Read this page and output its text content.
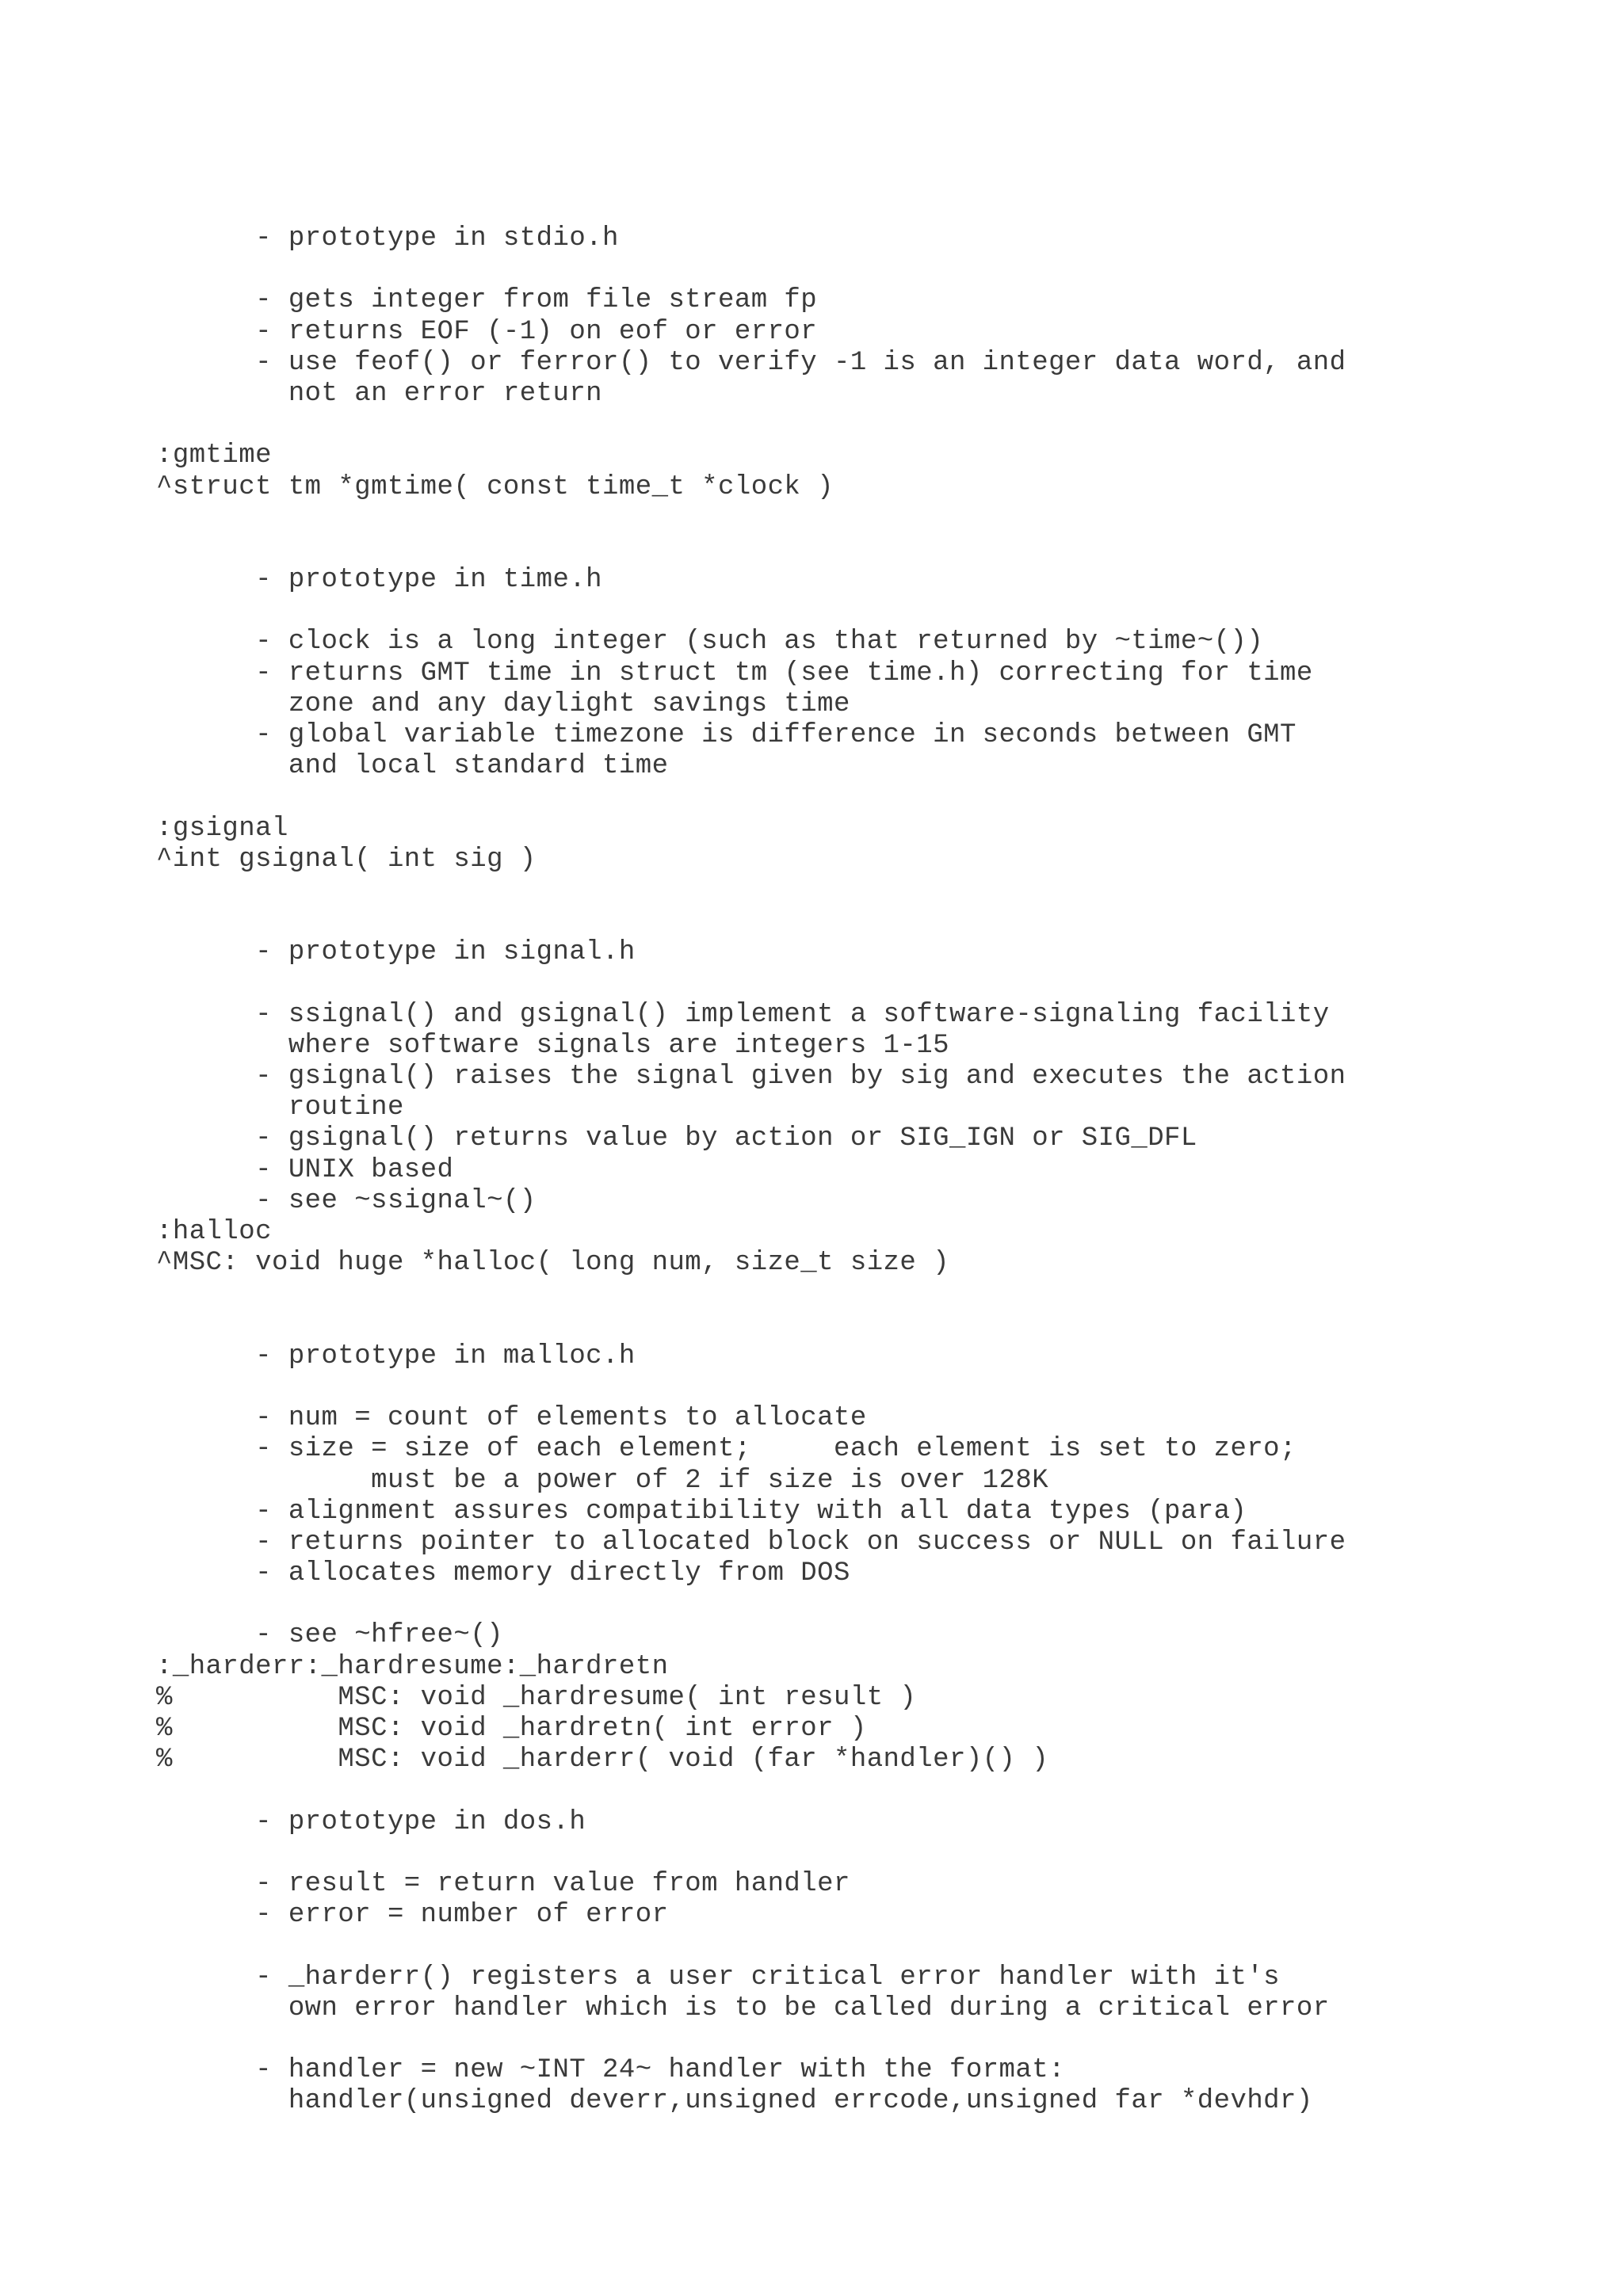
- prototype in stdio.h
- gets integer from file stream fp
- returns EOF (-1) on eof or error
- use feof() or ferror() to verify -1 is an integer data word, and
not an error return
:gmtime
^struct tm *gmtime( const time_t *clock )
- prototype in time.h
- clock is a long integer (such as that returned by ~time~())
- returns GMT time in struct tm (see time.h) correcting for time
zone and any daylight savings time
- global variable timezone is difference in seconds between GMT
and local standard time
:gsignal
^int gsignal( int sig )
- prototype in signal.h
- ssignal() and gsignal() implement a software-signaling facility
where software signals are integers 1-15
- gsignal() raises the signal given by sig and executes the action
routine
- gsignal() returns value by action or SIG_IGN or SIG_DFL
- UNIX based
- see ~ssignal~()
:halloc
^MSC: void huge *halloc( long num, size_t size )
- prototype in malloc.h
- num = count of elements to allocate
- size = size of each element;     each element is set to zero;
must be a power of 2 if size is over 128K
- alignment assures compatibility with all data types (para)
- returns pointer to allocated block on success or NULL on failure
- allocates memory directly from DOS
- see ~hfree~()
:_harderr:_hardresume:_hardretn
%          MSC: void _hardresume( int result )
%          MSC: void _hardretn( int error )
%          MSC: void _harderr( void (far *handler)() )
- prototype in dos.h
- result = return value from handler
- error = number of error
- _harderr() registers a user critical error handler with it's
own error handler which is to be called during a critical error
- handler = new ~INT 24~ handler with the format:
handler(unsigned deverr,unsigned errcode,unsigned far *devhdr)
